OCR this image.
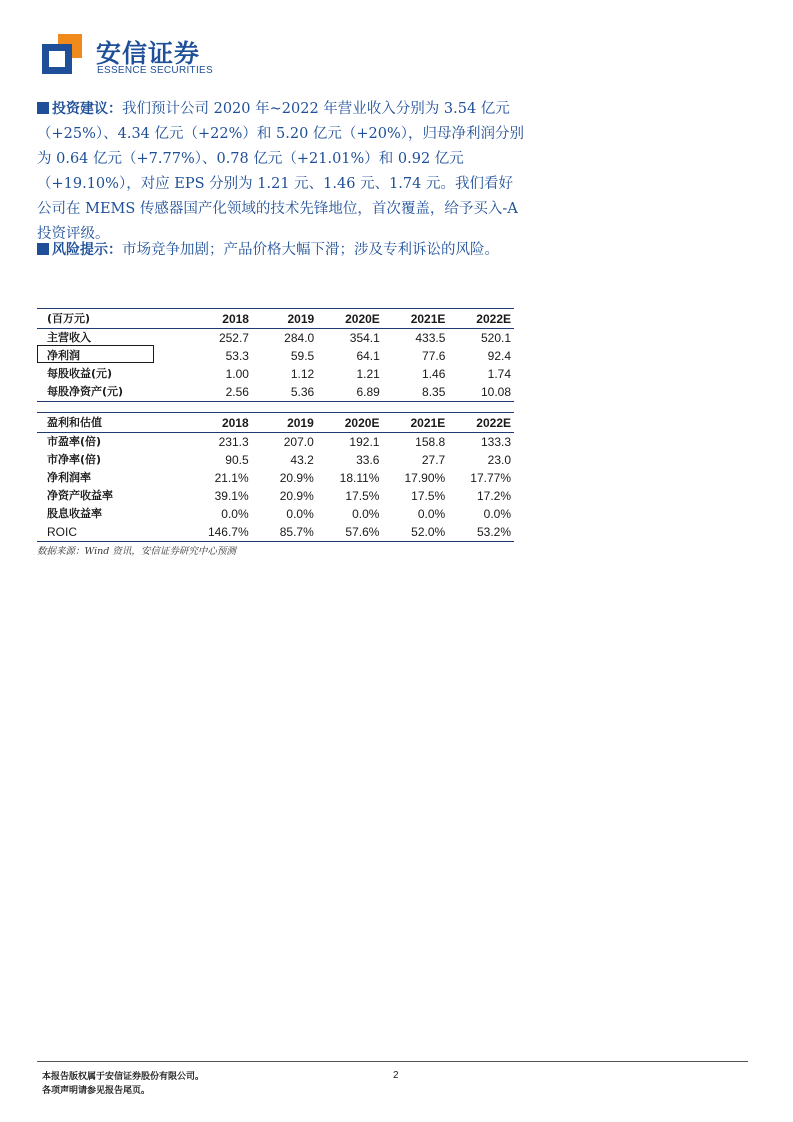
安信证券
ESSENCE SECURITIES
投资建议：我们预计公司 2020 年~2022 年营业收入分别为 3.54 亿元（+25%）、4.34 亿元（+22%）和 5.20 亿元（+20%），归母净利润分别为 0.64 亿元（+7.77%）、0.78 亿元（+21.01%）和 0.92 亿元（+19.10%），对应 EPS 分别为 1.21 元、1.46 元、1.74 元。我们看好公司在 MEMS 传感器国产化领域的技术先锋地位，首次覆盖，给予买入-A 投资评级。
风险提示：市场竞争加剧；产品价格大幅下滑；涉及专利诉讼的风险。
(百万元)	2018	2019	2020E	2021E	2022E
主营收入	252.7	284.0	354.1	433.5	520.1
净利润	53.3	59.5	64.1	77.6	92.4
每股收益(元)	1.00	1.12	1.21	1.46	1.74
每股净资产(元)	2.56	5.36	6.89	8.35	10.08
盈利和估值	2018	2019	2020E	2021E	2022E
市盈率(倍)	231.3	207.0	192.1	158.8	133.3
市净率(倍)	90.5	43.2	33.6	27.7	23.0
净利润率	21.1%	20.9%	18.11%	17.90%	17.77%
净资产收益率	39.1%	20.9%	17.5%	17.5%	17.2%
股息收益率	0.0%	0.0%	0.0%	0.0%	0.0%
ROIC	146.7%	85.7%	57.6%	52.0%	53.2%
数据来源：Wind 资讯，安信证券研究中心预测
本报告版权属于安信证券股份有限公司。
各项声明请参见报告尾页。
2
